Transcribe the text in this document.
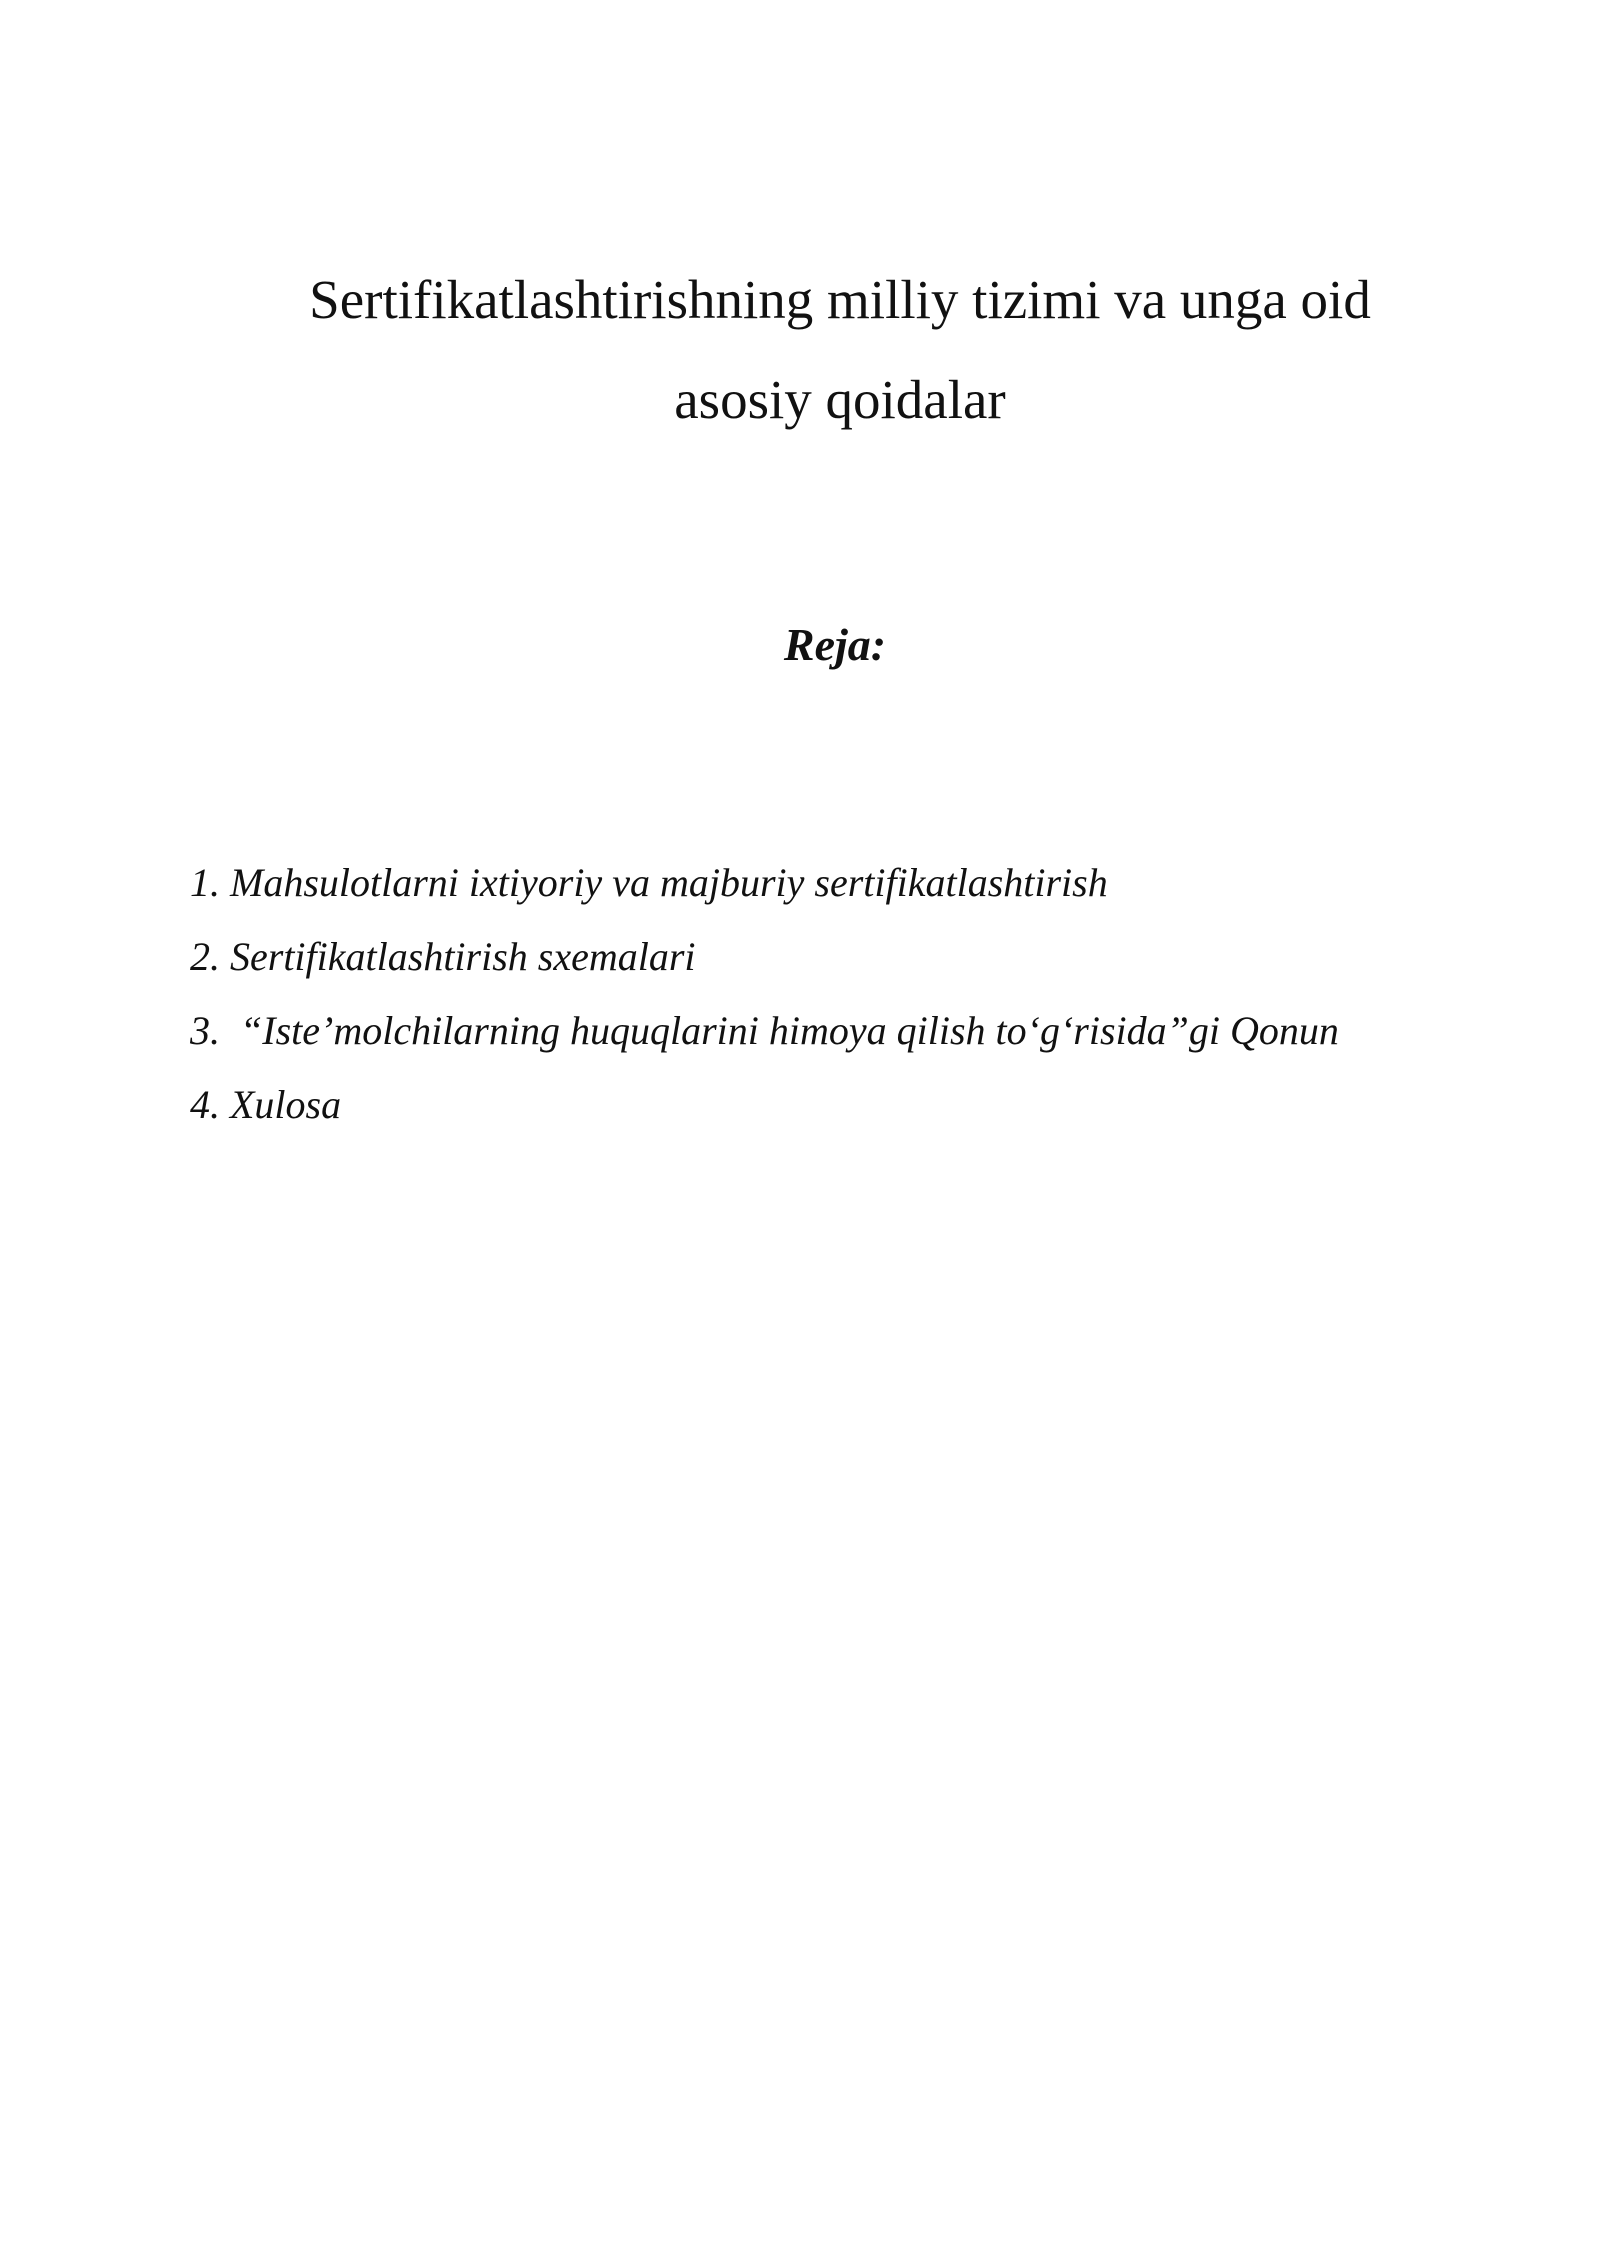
Sertifikatlashtirishning milliy tizimi va unga oid
asosiy qoidalar
Reja:
1. Mahsulotlarni ixtiyoriy va majburiy sertifikatlashtirish
2. Sertifikatlashtirish sxemalari
3. “Iste’molchilarning huquqlarini himoya qilish to‘g‘risida”gi Qonun
4. Xulosa
